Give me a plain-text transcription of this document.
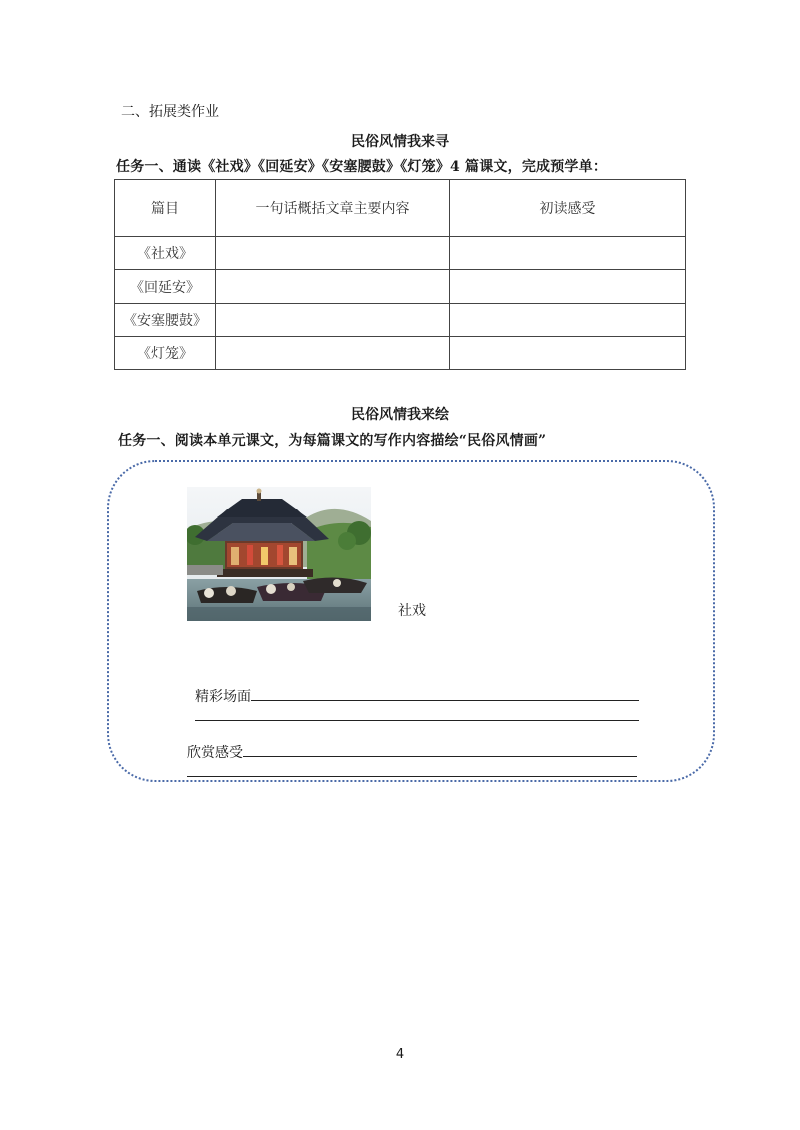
二、拓展类作业
民俗风情我来寻
任务一、通读《社戏》《回延安》《安塞腰鼓》《灯笼》4 篇课文，完成预学单：
篇目	一句话概括文章主要内容	初读感受
《社戏》		
《回延安》		
《安塞腰鼓》		
《灯笼》		
民俗风情我来绘
任务一、阅读本单元课文，为每篇课文的写作内容描绘“民俗风情画”
社戏
精彩场面
欣赏感受
4
